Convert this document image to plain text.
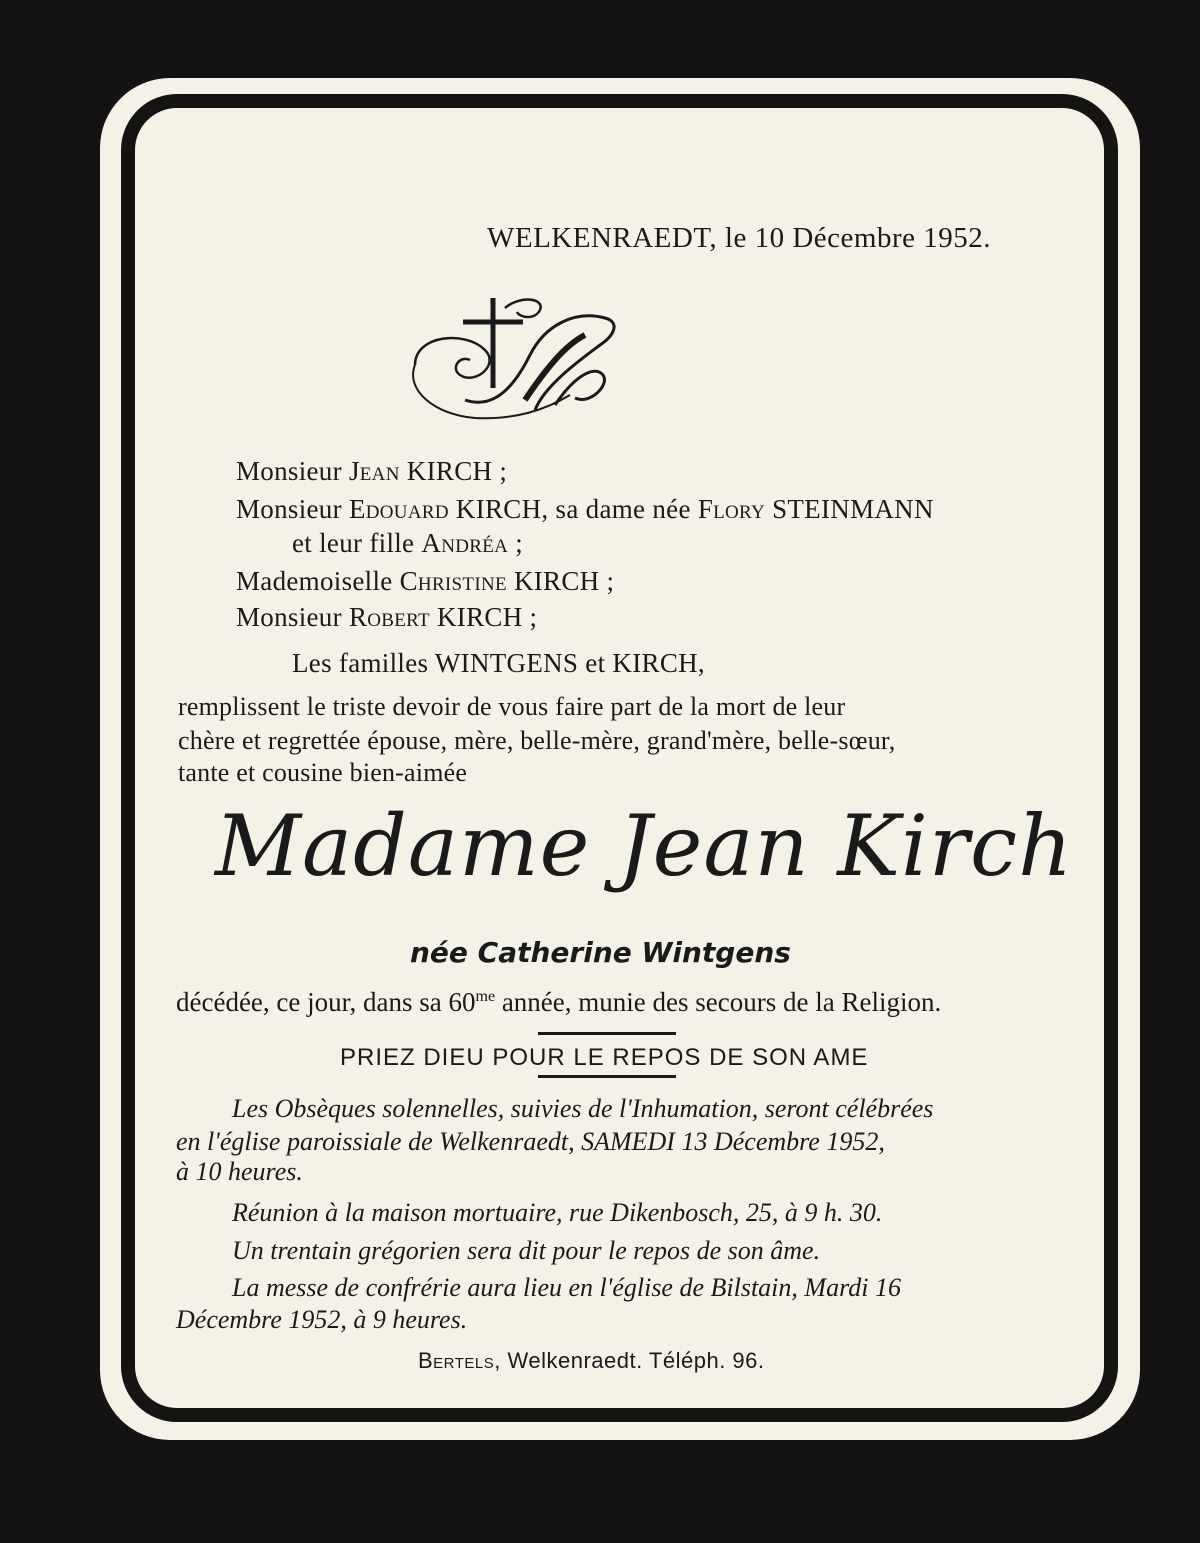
WELKENRAEDT, le 10 Décembre 1952.
Monsieur Jean KIRCH ;
Monsieur Edouard KIRCH, sa dame née Flory STEINMANN
et leur fille Andréa ;
Mademoiselle Christine KIRCH ;
Monsieur Robert KIRCH ;
Les familles WINTGENS et KIRCH,
remplissent le triste devoir de vous faire part de la mort de leur
chère et regrettée épouse, mère, belle-mère, grand'mère, belle-sœur,
tante et cousine bien-aimée
Madame Jean Kirch
née Catherine Wintgens
décédée, ce jour, dans sa $60^{me}$ année, munie des secours de la Religion.
PRIEZ DIEU POUR LE REPOS DE SON AME
Les Obsèques solennelles, suivies de l'Inhumation, seront célébrées
en l'église paroissiale de Welkenraedt, SAMEDI 13 Décembre 1952,
à 10 heures.
Réunion à la maison mortuaire, rue Dikenbosch, 25, à 9 h. 30.
Un trentain grégorien sera dit pour le repos de son âme.
La messe de confrérie aura lieu en l'église de Bilstain, Mardi 16
Décembre 1952, à 9 heures.
Bertels, Welkenraedt. Téléph. 96.
